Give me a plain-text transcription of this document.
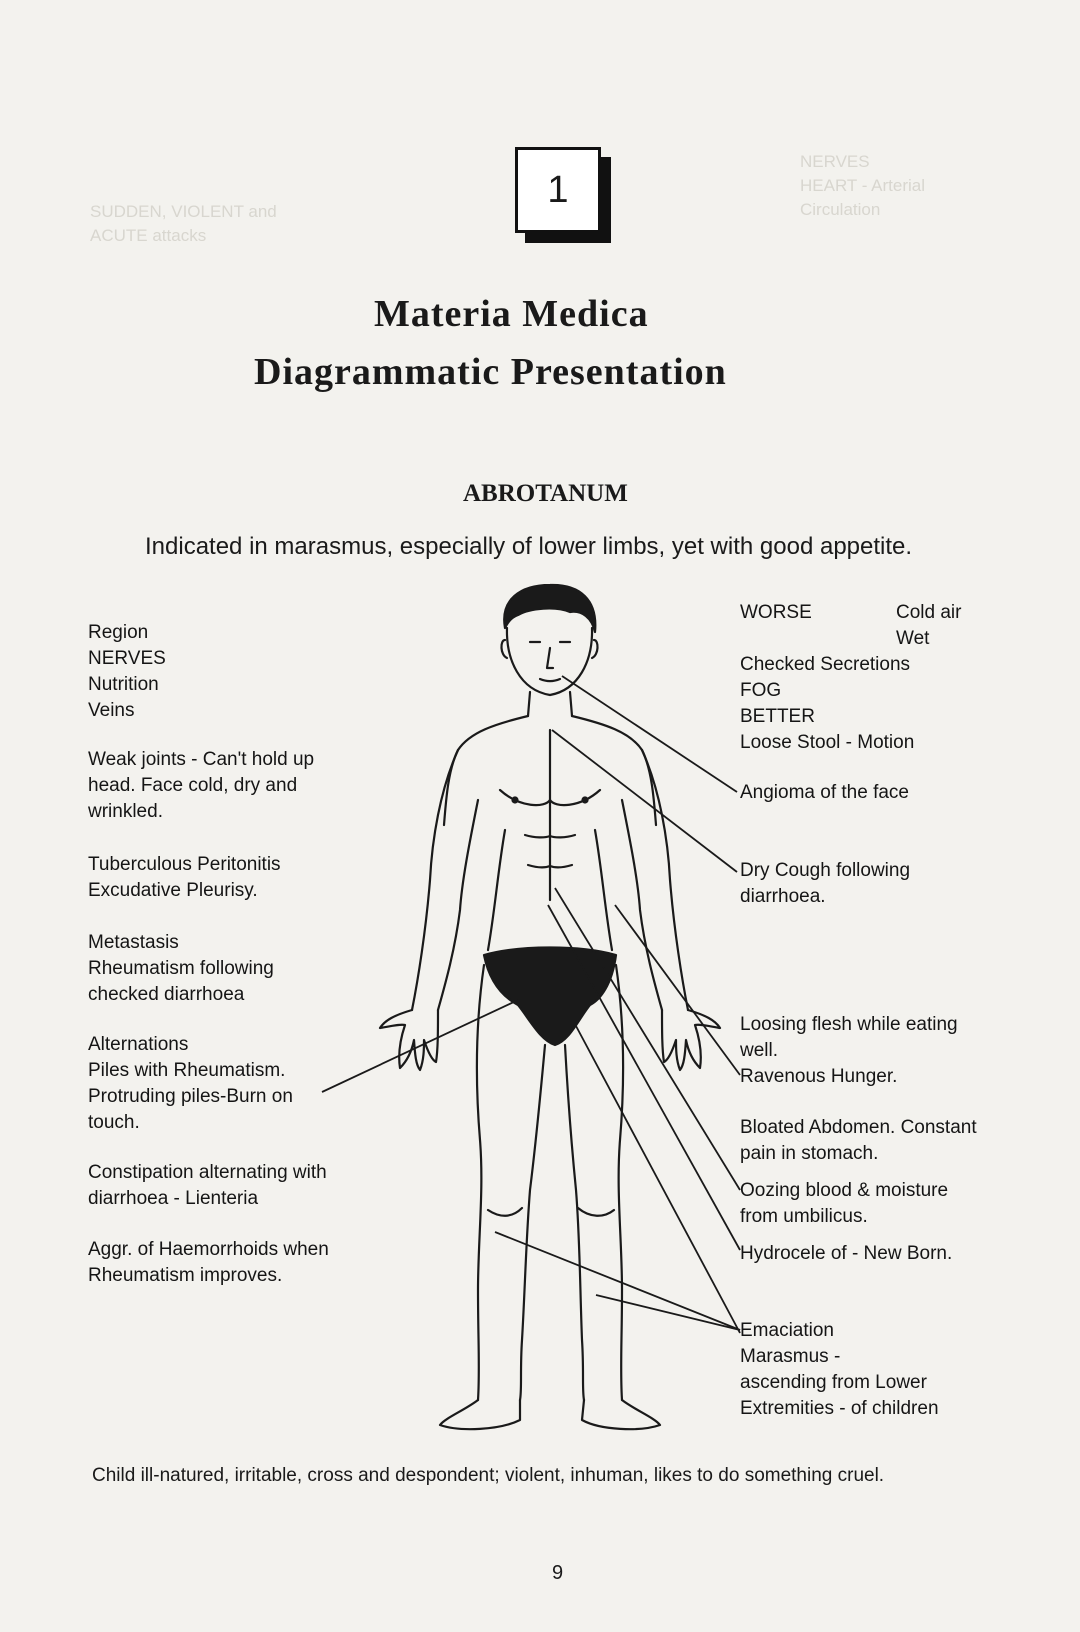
NERVES
HEART - Arterial
Circulation
SUDDEN, VIOLENT and
ACUTE attacks
1
Materia Medica
Diagrammatic Presentation
ABROTANUM
Indicated in marasmus, especially of lower limbs, yet with good appetite.
Region
NERVES
Nutrition
Veins
Weak joints - Can't hold up
head. Face cold, dry and
wrinkled.
Tuberculous Peritonitis
Excudative Pleurisy.
Metastasis
Rheumatism following
checked diarrhoea
Alternations
Piles with Rheumatism.
Protruding piles-Burn on
touch.
Constipation alternating with
diarrhoea - Lienteria
Aggr. of Haemorrhoids when
Rheumatism improves.
WORSE	Cold air
Wet
Checked Secretions
FOG
BETTER
Loose Stool - Motion
Angioma of the face
Dry Cough following
diarrhoea.
Loosing flesh while eating
well.
Ravenous Hunger.
Bloated Abdomen. Constant
pain in stomach.
Oozing blood & moisture
from umbilicus.
Hydrocele of - New Born.
Emaciation
Marasmus -
ascending from Lower
Extremities - of children
Child ill-natured, irritable, cross and despondent; violent, inhuman, likes to do something cruel.
9
